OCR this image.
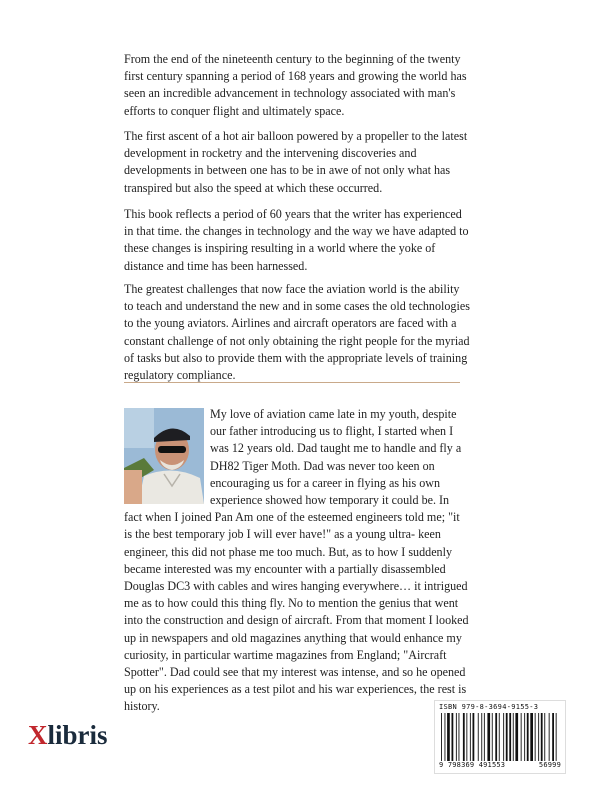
From the end of the nineteenth century to the beginning of the twenty first century spanning a period of 168 years and growing the world has seen an incredible advancement in technology associated with man's efforts to conquer flight and ultimately space.

The first ascent of a hot air balloon powered by a propeller to the latest development in rocketry and the intervening discoveries and developments in between one has to be in awe of not only what has transpired but also the speed at which these occurred.

This book reflects a period of 60 years that the writer has experienced in that time. the changes in technology and the way we have adapted to these changes is inspiring resulting in a world where the yoke of distance and time has been harnessed.

The greatest challenges that now face the aviation world is the ability to teach and understand the new and in some cases the old technologies to the young aviators. Airlines and aircraft operators are faced with a constant challenge of not only obtaining the right people for the myriad of tasks but also to provide them with the appropriate levels of training regulatory compliance.

My love of aviation came late in my youth, despite our father introducing us to flight, I started when I was 12 years old. Dad taught me to handle and fly a DH82 Tiger Moth. Dad was never too keen on encouraging us for a career in flying as his own experience showed how temporary it could be. In fact when I joined Pan Am one of the esteemed engineers told me; "it is the best temporary job I will ever have!" as a young ultra- keen engineer, this did not phase me too much. But, as to how I suddenly became interested was my encounter with a partially disassembled Douglas DC3 with cables and wires hanging everywhere… it intrigued me as to how could this thing fly. No to mention the genius that went into the construction and design of aircraft. From that moment I looked up in newspapers and old magazines anything that would enhance my curiosity, in particular wartime magazines from England; "Aircraft Spotter". Dad could see that my interest was intense, and so he opened up on his experiences as a test pilot and his war experiences, the rest is history.

Xlibris
ISBN 979-8-3694-9155-3
9 798369 491553	56999
